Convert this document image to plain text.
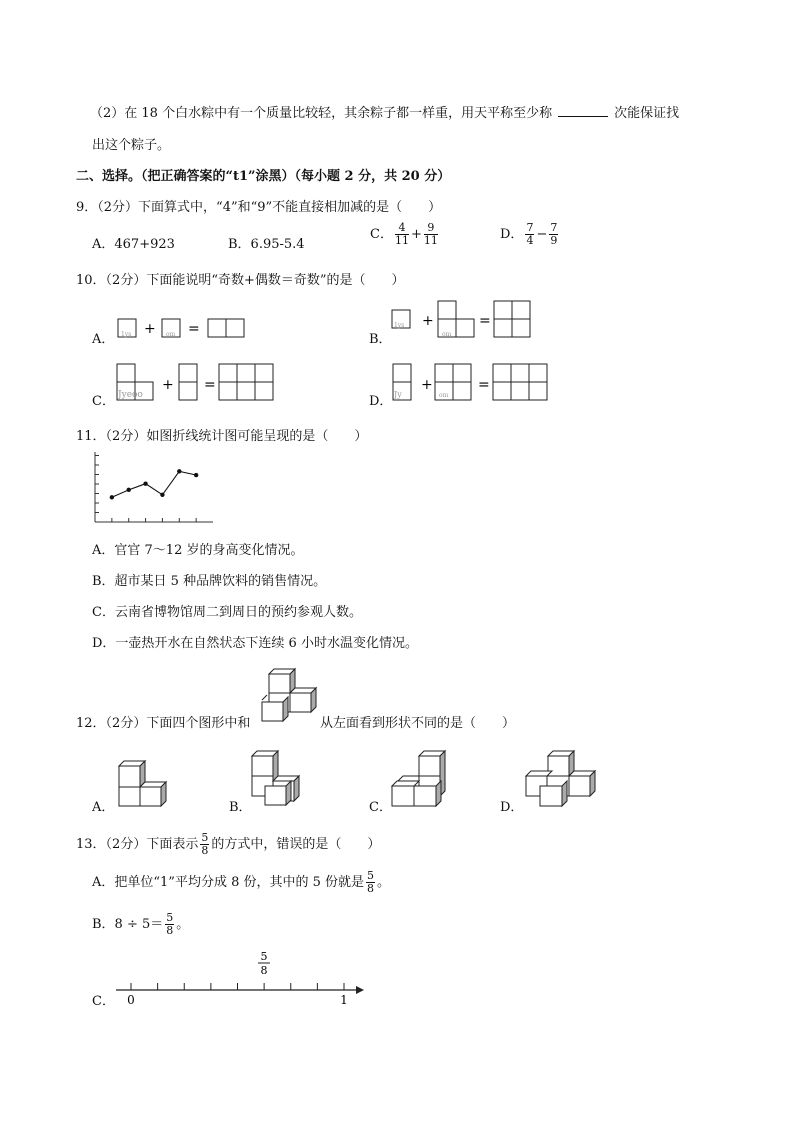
（2）在 18 个白水粽中有一个质量比较轻，其余粽子都一样重，用天平称至少称	次能保证找
出这个粽子。
二、选择。（把正确答案的“t1”涂黑）（每小题 2 分，共 20 分）
9．（2分）下面算式中，“4”和“9”不能直接相加减的是（　　）
A．467+923	B．6.95-5.4
C． $\frac{4}{11} + \frac{9}{11}$	D． $\frac{7}{4} - \frac{7}{9}$
10．（2分）下面能说明“奇数+偶数＝奇数”的是（　　）
A． 1ys + om =
B．
1ys +
om
=
C． Jyeoo
+ =
D． Jy
+
om
=
11．（2分）如图折线统计图可能呈现的是（　　）
A．官官 7～12 岁的身高变化情况。
B．超市某日 5 种品牌饮料的销售情况。
C．云南省博物馆周二到周日的预约参观人数。
D．一壶热开水在自然状态下连续 6 小时水温变化情况。
12．（2分）下面四个图形中和	从左面看到形状不同的是（　　）
A．	B．	C．	D．
13．（2分）下面表示 $\frac{5}{8}$ 的方式中，错误的是（　　）
A．把单位“1”平均分成 8 份，其中的 5 份就是 $\frac{5}{8}$ 。
B．$8 \div 5= \frac{5}{8}$ 。
C． 0	1
5
8
